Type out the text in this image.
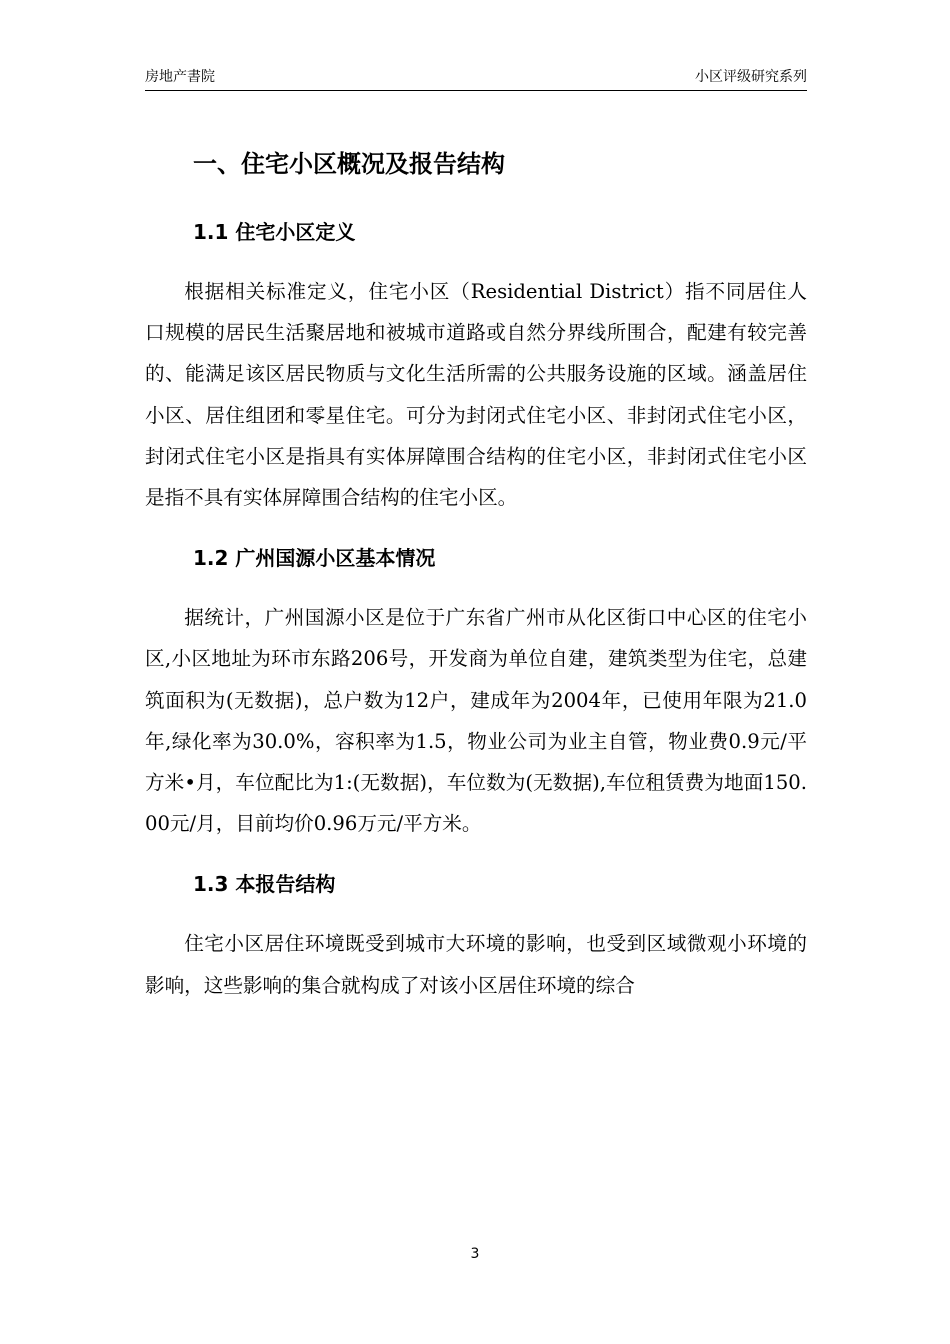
房地产書院	小区评级研究系列
一、住宅小区概况及报告结构
1.1 住宅小区定义

根据相关标准定义，住宅小区（Residential District）指不同居住人口规模的居民生活聚居地和被城市道路或自然分界线所围合，配建有较完善的、能满足该区居民物质与文化生活所需的公共服务设施的区域。涵盖居住小区、居住组团和零星住宅。可分为封闭式住宅小区、非封闭式住宅小区，封闭式住宅小区是指具有实体屏障围合结构的住宅小区，非封闭式住宅小区是指不具有实体屏障围合结构的住宅小区。

1.2 广州国源小区基本情况

据统计，广州国源小区是位于广东省广州市从化区街口中心区的住宅小区,小区地址为环市东路206号，开发商为单位自建，建筑类型为住宅，总建筑面积为(无数据)，总户数为12户，建成年为2004年，已使用年限为21.0年,绿化率为30.0%，容积率为1.5，物业公司为业主自管，物业费0.9元/平方米•月，车位配比为1:(无数据)，车位数为(无数据),车位租赁费为地面150.00元/月，目前均价0.96万元/平方米。

1.3 本报告结构

住宅小区居住环境既受到城市大环境的影响，也受到区域微观小环境的影响，这些影响的集合就构成了对该小区居住环境的综合

3
